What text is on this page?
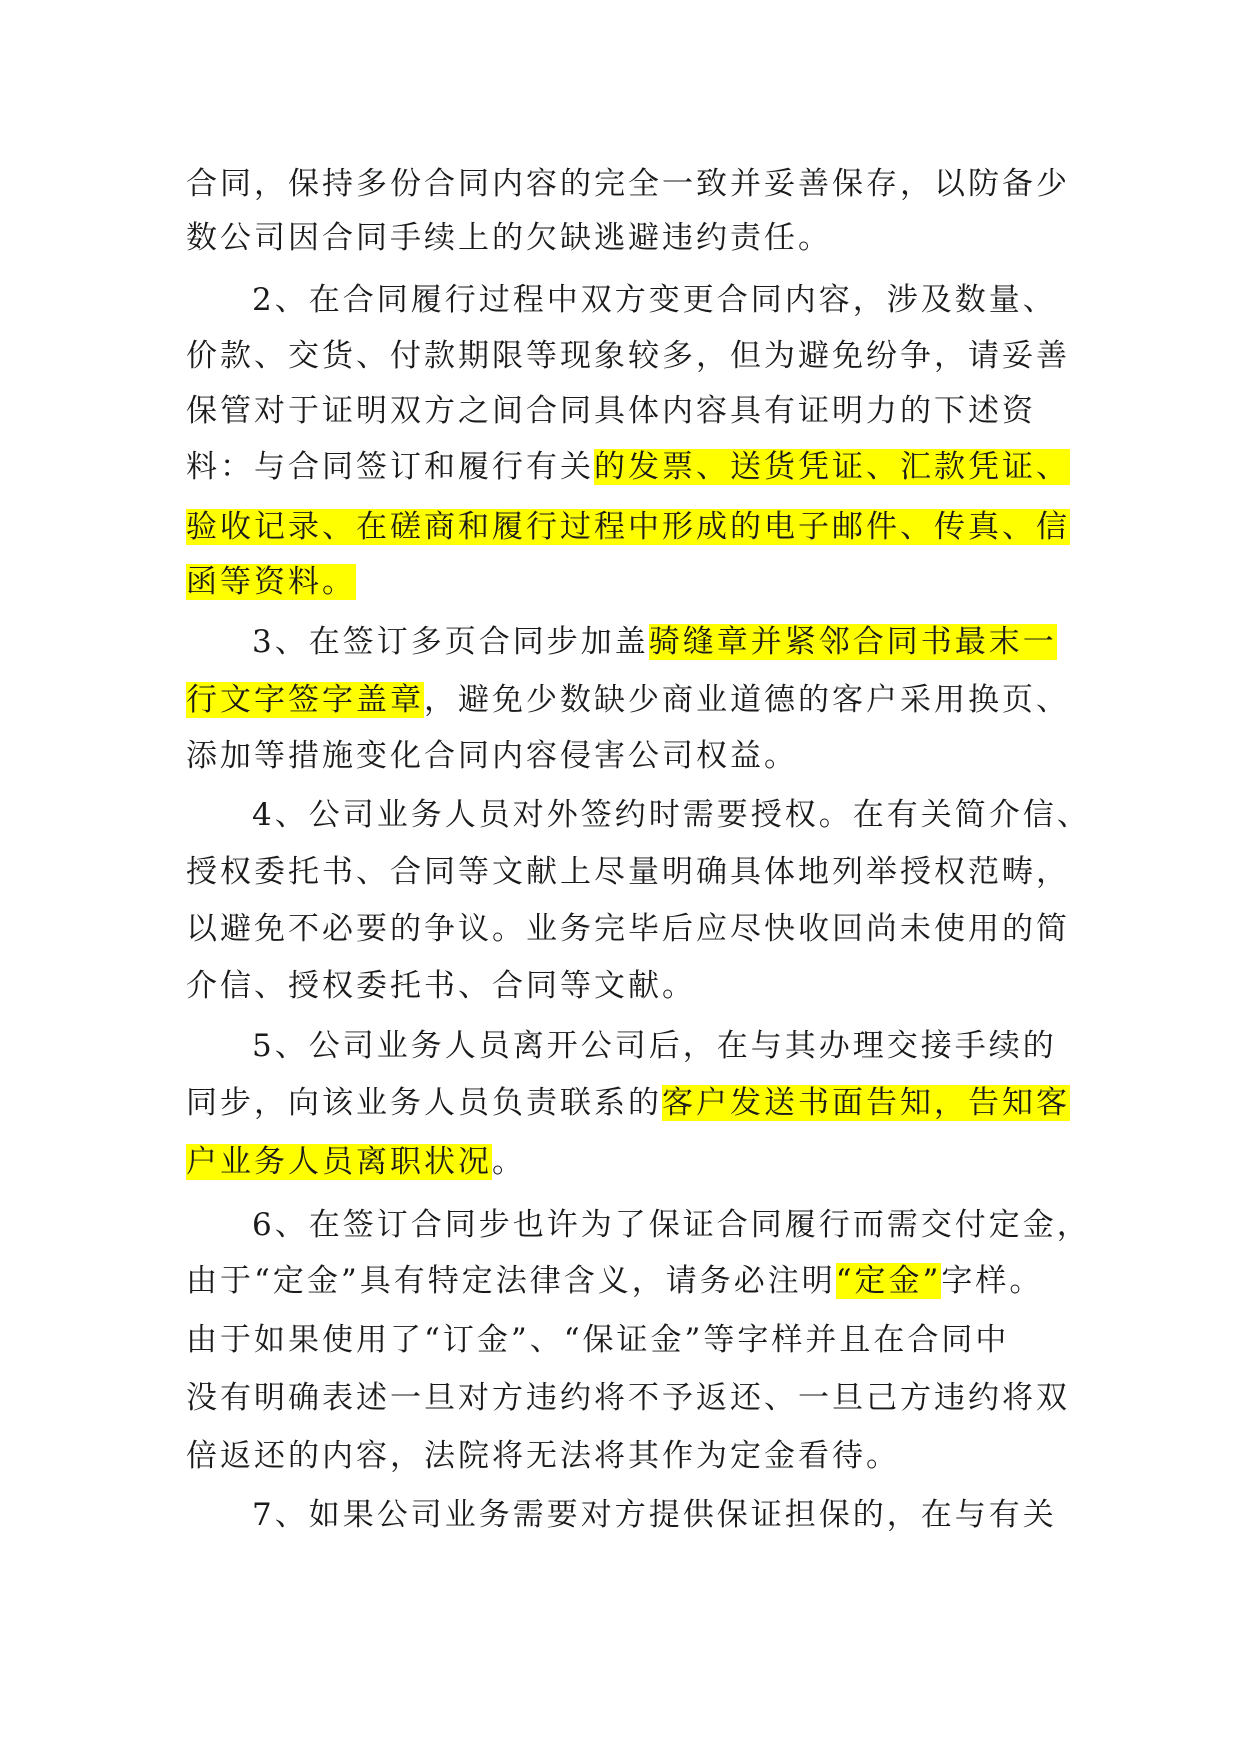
合同，保持多份合同内容的完全一致并妥善保存，以防备少
数公司因合同手续上的欠缺逃避违约责任。
2、在合同履行过程中双方变更合同内容，涉及数量、
价款、交货、付款期限等现象较多，但为避免纷争，请妥善
保管对于证明双方之间合同具体内容具有证明力的下述资
料：与合同签订和履行有关的发票、送货凭证、汇款凭证、
验收记录、在磋商和履行过程中形成的电子邮件、传真、信
函等资料。
3、在签订多页合同步加盖骑缝章并紧邻合同书最末一
行文字签字盖章，避免少数缺少商业道德的客户采用换页、
添加等措施变化合同内容侵害公司权益。
4、公司业务人员对外签约时需要授权。在有关简介信、
授权委托书、合同等文献上尽量明确具体地列举授权范畴，
以避免不必要的争议。业务完毕后应尽快收回尚未使用的简
介信、授权委托书、合同等文献。
5、公司业务人员离开公司后，在与其办理交接手续的
同步，向该业务人员负责联系的客户发送书面告知，告知客
户业务人员离职状况。
6、在签订合同步也许为了保证合同履行而需交付定金，
由于“定金”具有特定法律含义，请务必注明“定金”字样。
由于如果使用了“订金”、“保证金”等字样并且在合同中
没有明确表述一旦对方违约将不予返还、一旦己方违约将双
倍返还的内容，法院将无法将其作为定金看待。
7、如果公司业务需要对方提供保证担保的，在与有关
